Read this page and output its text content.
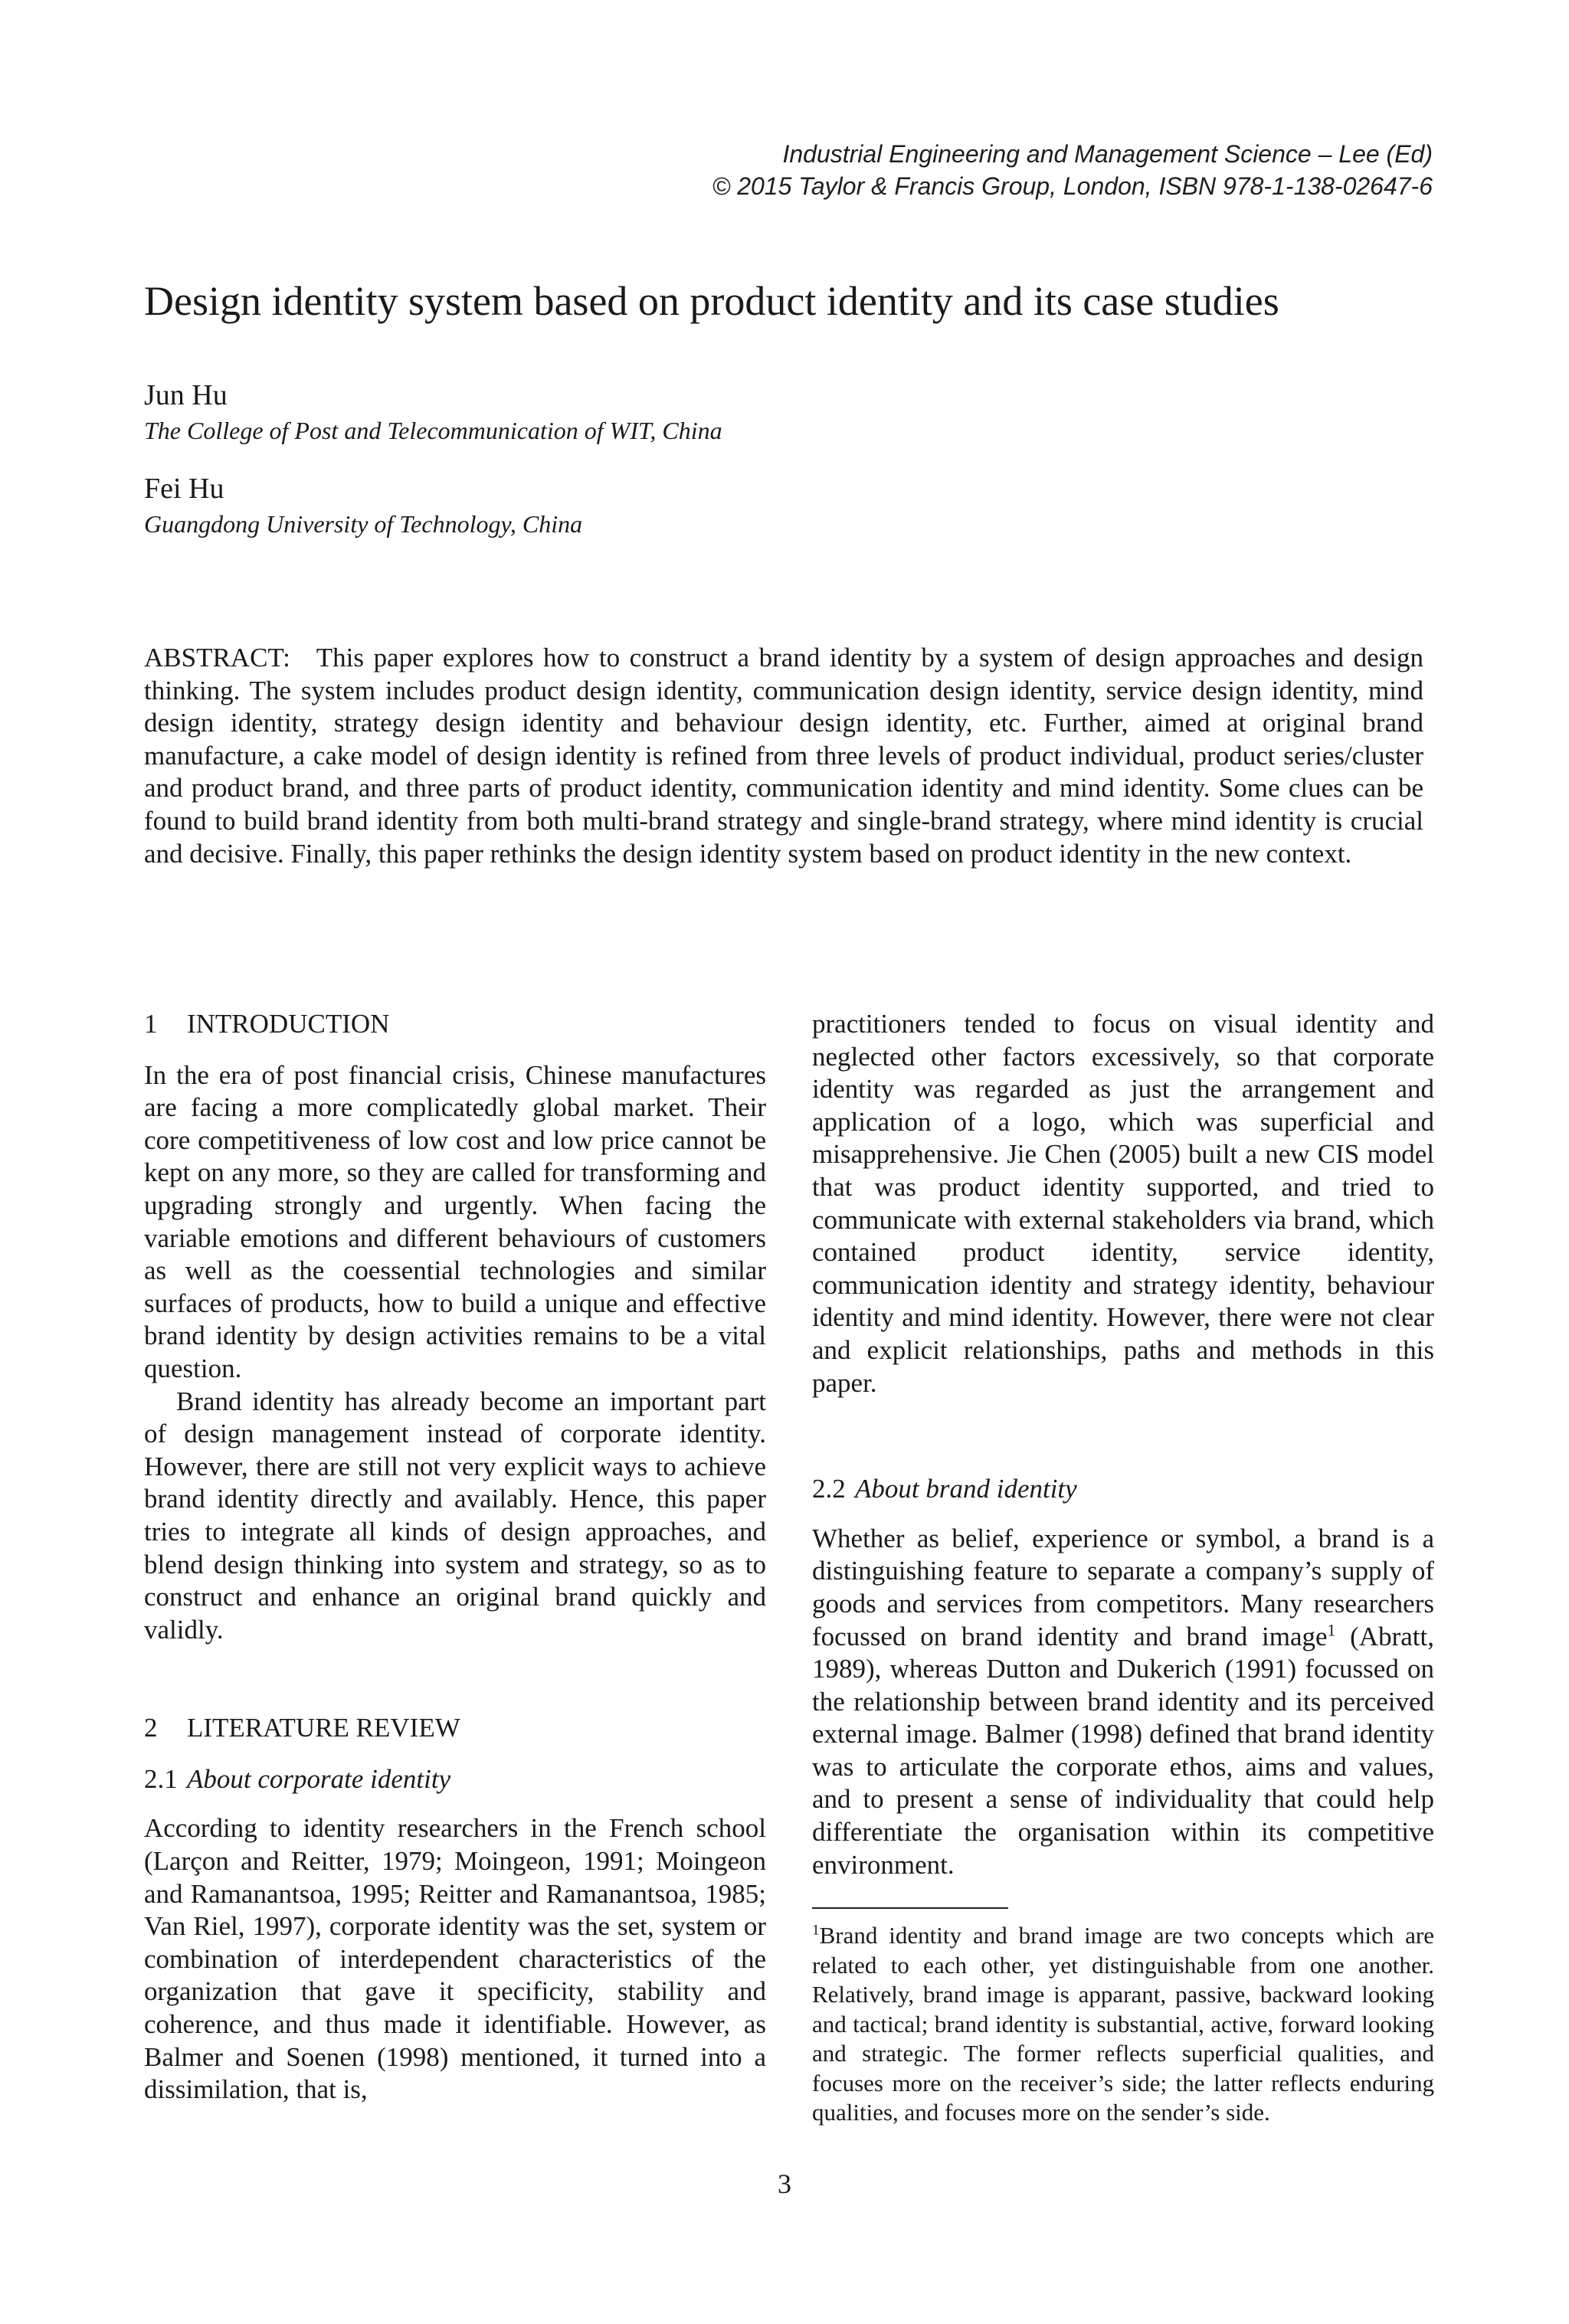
Industrial Engineering and Management Science – Lee (Ed)
© 2015 Taylor & Francis Group, London, ISBN 978-1-138-02647-6
Design identity system based on product identity and its case studies
Jun Hu
The College of Post and Telecommunication of WIT, China
Fei Hu
Guangdong University of Technology, China

ABSTRACT: This paper explores how to construct a brand identity by a system of design approaches and design thinking. The system includes product design identity, communication design identity, service design identity, mind design identity, strategy design identity and behaviour design identity, etc. Further, aimed at original brand manufacture, a cake model of design identity is refined from three levels of product individual, product series/cluster and product brand, and three parts of product identity, communication identity and mind identity. Some clues can be found to build brand identity from both multi-brand strategy and single-brand strategy, where mind identity is crucial and decisive. Finally, this paper rethinks the design identity system based on product identity in the new context.

1 INTRODUCTION

In the era of post financial crisis, Chinese manufactures are facing a more complicatedly global market. Their core competitiveness of low cost and low price cannot be kept on any more, so they are called for transforming and upgrading strongly and urgently. When facing the variable emotions and different behaviours of customers as well as the coessential technologies and similar surfaces of products, how to build a unique and effective brand identity by design activities remains to be a vital question.

Brand identity has already become an important part of design management instead of corporate identity. However, there are still not very explicit ways to achieve brand identity directly and availably. Hence, this paper tries to integrate all kinds of design approaches, and blend design thinking into system and strategy, so as to construct and enhance an original brand quickly and validly.

2 LITERATURE REVIEW
2.1 About corporate identity

According to identity researchers in the French school (Larçon and Reitter, 1979; Moingeon, 1991; Moingeon and Ramanantsoa, 1995; Reitter and Ramanantsoa, 1985; Van Riel, 1997), corporate identity was the set, system or combination of interdependent characteristics of the organization that gave it specificity, stability and coherence, and thus made it identifiable. However, as Balmer and Soenen (1998) mentioned, it turned into a dissimilation, that is,

practitioners tended to focus on visual identity and neglected other factors excessively, so that corporate identity was regarded as just the arrangement and application of a logo, which was superficial and misapprehensive. Jie Chen (2005) built a new CIS model that was product identity supported, and tried to communicate with external stakeholders via brand, which contained product identity, service identity, communication identity and strategy identity, behaviour identity and mind identity. However, there were not clear and explicit relationships, paths and methods in this paper.

2.2 About brand identity

Whether as belief, experience or symbol, a brand is a distinguishing feature to separate a company’s supply of goods and services from competitors. Many researchers focussed on brand identity and brand image$^1$ (Abratt, 1989), whereas Dutton and Dukerich (1991) focussed on the relationship between brand identity and its perceived external image. Balmer (1998) defined that brand identity was to articulate the corporate ethos, aims and values, and to present a sense of individuality that could help differentiate the organisation within its competitive environment.

$^1$Brand identity and brand image are two concepts which are related to each other, yet distinguishable from one another. Relatively, brand image is apparant, passive, backward looking and tactical; brand identity is substantial, active, forward looking and strategic. The former reflects superficial qualities, and focuses more on the receiver’s side; the latter reflects enduring qualities, and focuses more on the sender’s side.

3
